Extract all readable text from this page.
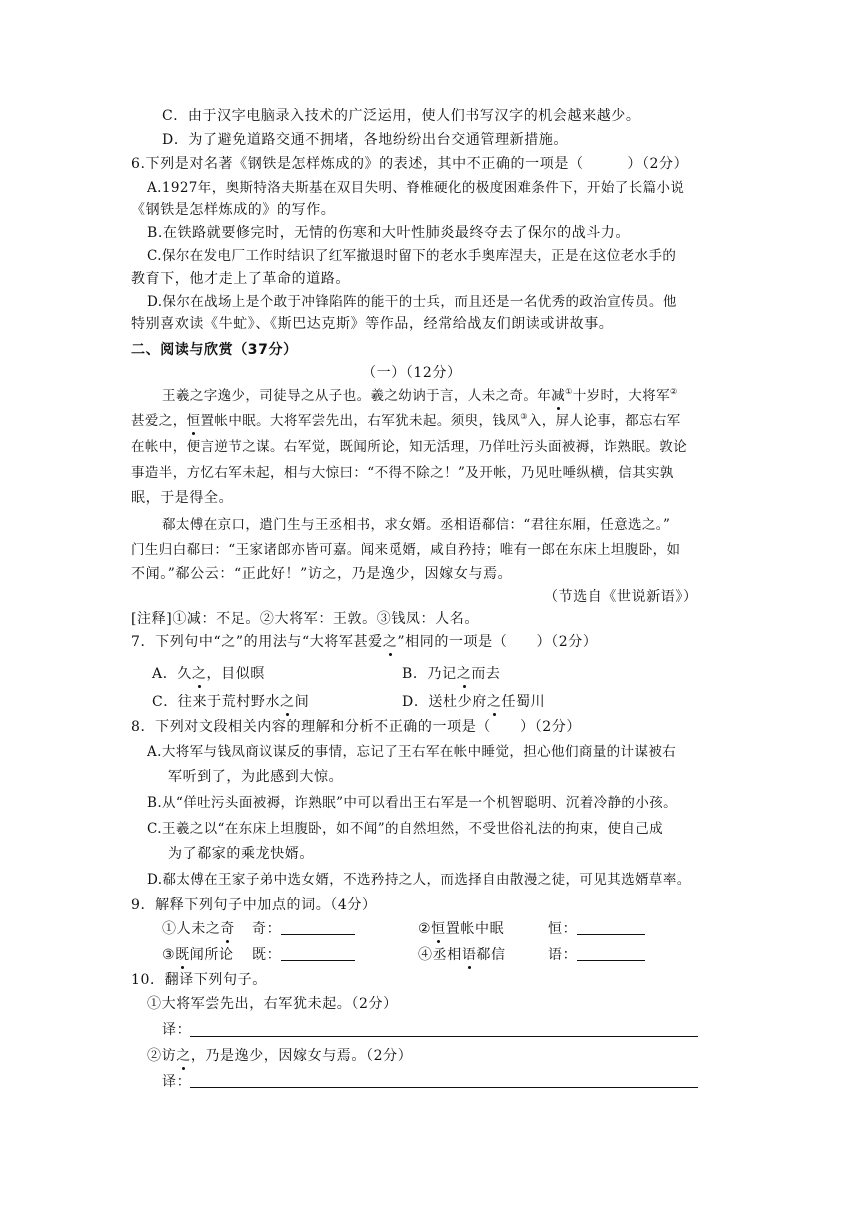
C．由于汉字电脑录入技术的广泛运用，使人们书写汉字的机会越来越少。
D．为了避免道路交通不拥堵，各地纷纷出台交通管理新措施。
6.下列是对名著《钢铁是怎样炼成的》的表述，其中不正确的一项是（　　　）（2分）
A.1927年，奥斯特洛夫斯基在双目失明、脊椎硬化的极度困难条件下，开始了长篇小说
《钢铁是怎样炼成的》的写作。
B.在铁路就要修完时，无情的伤寒和大叶性肺炎最终夺去了保尔的战斗力。
C.保尔在发电厂工作时结识了红军撤退时留下的老水手奥库涅夫，正是在这位老水手的
教育下，他才走上了革命的道路。
D.保尔在战场上是个敢于冲锋陷阵的能干的士兵，而且还是一名优秀的政治宣传员。他
特别喜欢读《牛虻》、《斯巴达克斯》等作品，经常给战友们朗读或讲故事。
二、阅读与欣赏（37分）
（一）（12分）
王羲之字逸少，司徒导之从子也。羲之幼讷于言，人未之奇。年减①十岁时，大将军②
甚爱之，恒置帐中眠。大将军尝先出，右军犹未起。须臾，钱凤③入，屏人论事，都忘右军
在帐中，便言逆节之谋。右军觉，既闻所论，知无活理，乃佯吐污头面被褥，诈熟眠。敦论
事造半，方忆右军未起，相与大惊曰：“不得不除之！”及开帐，乃见吐唾纵横，信其实孰
眠，于是得全。
郗太傅在京口，遣门生与王丞相书，求女婿。丞相语郗信：“君往东厢，任意选之。”
门生归白郗曰：“王家诸郎亦皆可嘉。闻来觅婿，咸自矜持；唯有一郎在东床上坦腹卧，如
不闻。”郗公云：“正此好！”访之，乃是逸少，因嫁女与焉。
（节选自《世说新语》）
[注释]①减：不足。②大将军：王敦。③钱凤：人名。
7．下列句中“之”的用法与“大将军甚爱之”相同的一项是（　　）（2分）
A．久之，目似暝	B．乃记之而去
C．往来于荒村野水之间	D．送杜少府之任蜀川
8．下列对文段相关内容的理解和分析不正确的一项是（　　）（2分）
A.大将军与钱凤商议谋反的事情，忘记了王右军在帐中睡觉，担心他们商量的计谋被右
军听到了，为此感到大惊。
B.从“佯吐污头面被褥，诈熟眠”中可以看出王右军是一个机智聪明、沉着冷静的小孩。
C.王羲之以“在东床上坦腹卧，如不闻”的自然坦然，不受世俗礼法的拘束，使自己成
为了郗家的乘龙快婿。
D.郗太傅在王家子弟中选女婿，不选矜持之人，而选择自由散漫之徒，可见其选婿草率。
9．解释下列句子中加点的词。（4分）
①人未之奇 奇：	②恒置帐中眠	恒：
③既闻所论 既：	④丞相语郗信	语：
10．翻译下列句子。
①大将军尝先出，右军犹未起。（2分）
译：
②访之，乃是逸少，因嫁女与焉。（2分）
译：
